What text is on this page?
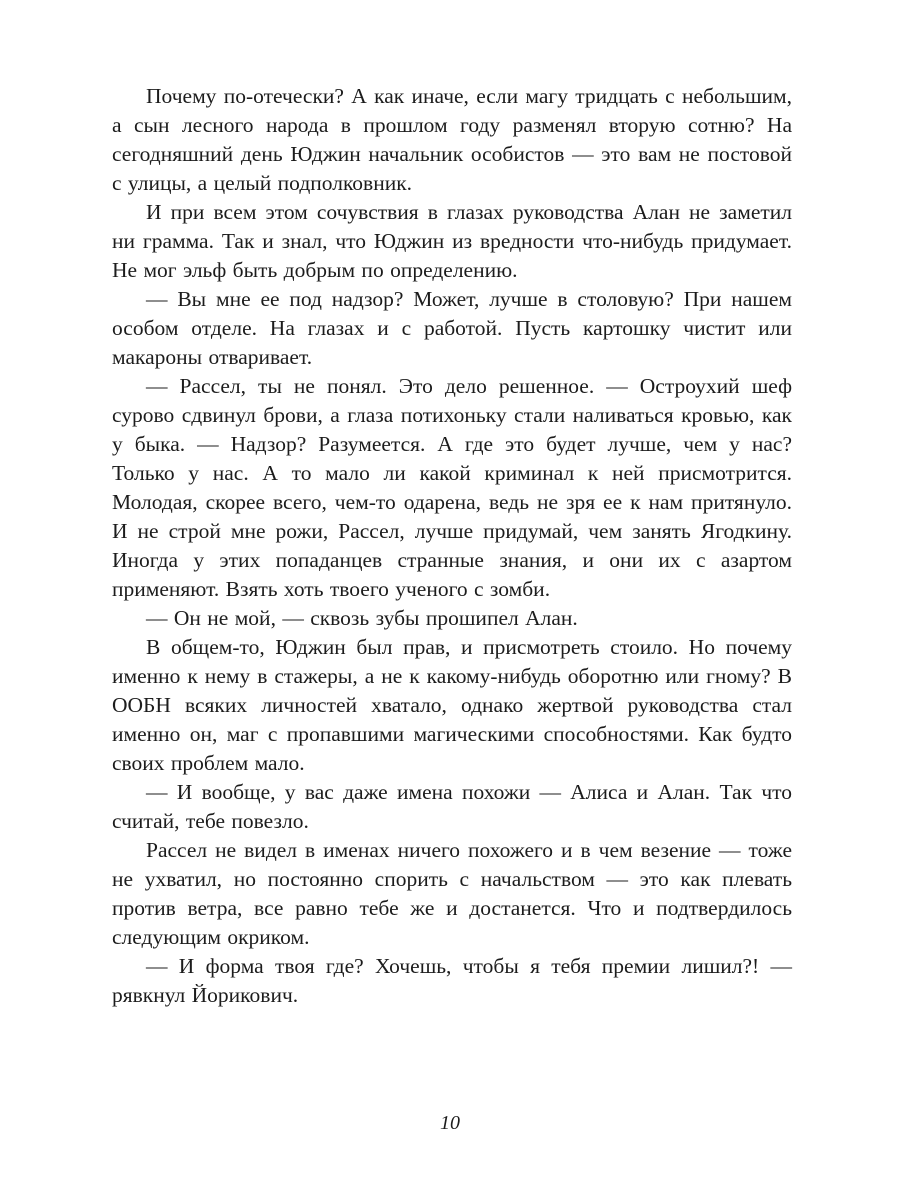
Почему по-отечески? А как иначе, если магу тридцать с небольшим, а сын лесного народа в прошлом году разменял вторую сотню? На сегодняшний день Юджин начальник особистов — это вам не постовой с улицы, а целый подполковник.

И при всем этом сочувствия в глазах руководства Алан не заметил ни грамма. Так и знал, что Юджин из вредности что-нибудь придумает. Не мог эльф быть добрым по определению.

— Вы мне ее под надзор? Может, лучше в столовую? При нашем особом отделе. На глазах и с работой. Пусть картошку чистит или макароны отваривает.

— Рассел, ты не понял. Это дело решенное. — Остроухий шеф сурово сдвинул брови, а глаза потихоньку стали наливаться кровью, как у быка. — Надзор? Разумеется. А где это будет лучше, чем у нас? Только у нас. А то мало ли какой криминал к ней присмотрится. Молодая, скорее всего, чем-то одарена, ведь не зря ее к нам притянуло. И не строй мне рожи, Рассел, лучше придумай, чем занять Ягодкину. Иногда у этих попаданцев странные знания, и они их с азартом применяют. Взять хоть твоего ученого с зомби.

— Он не мой, — сквозь зубы прошипел Алан.

В общем-то, Юджин был прав, и присмотреть стоило. Но почему именно к нему в стажеры, а не к какому-нибудь оборотню или гному? В ООБН всяких личностей хватало, однако жертвой руководства стал именно он, маг с пропавшими магическими способностями. Как будто своих проблем мало.

— И вообще, у вас даже имена похожи — Алиса и Алан. Так что считай, тебе повезло.

Рассел не видел в именах ничего похожего и в чем везение — тоже не ухватил, но постоянно спорить с начальством — это как плевать против ветра, все равно тебе же и достанется. Что и подтвердилось следующим окриком.

— И форма твоя где? Хочешь, чтобы я тебя премии лишил?! — рявкнул Йорикович.

10
